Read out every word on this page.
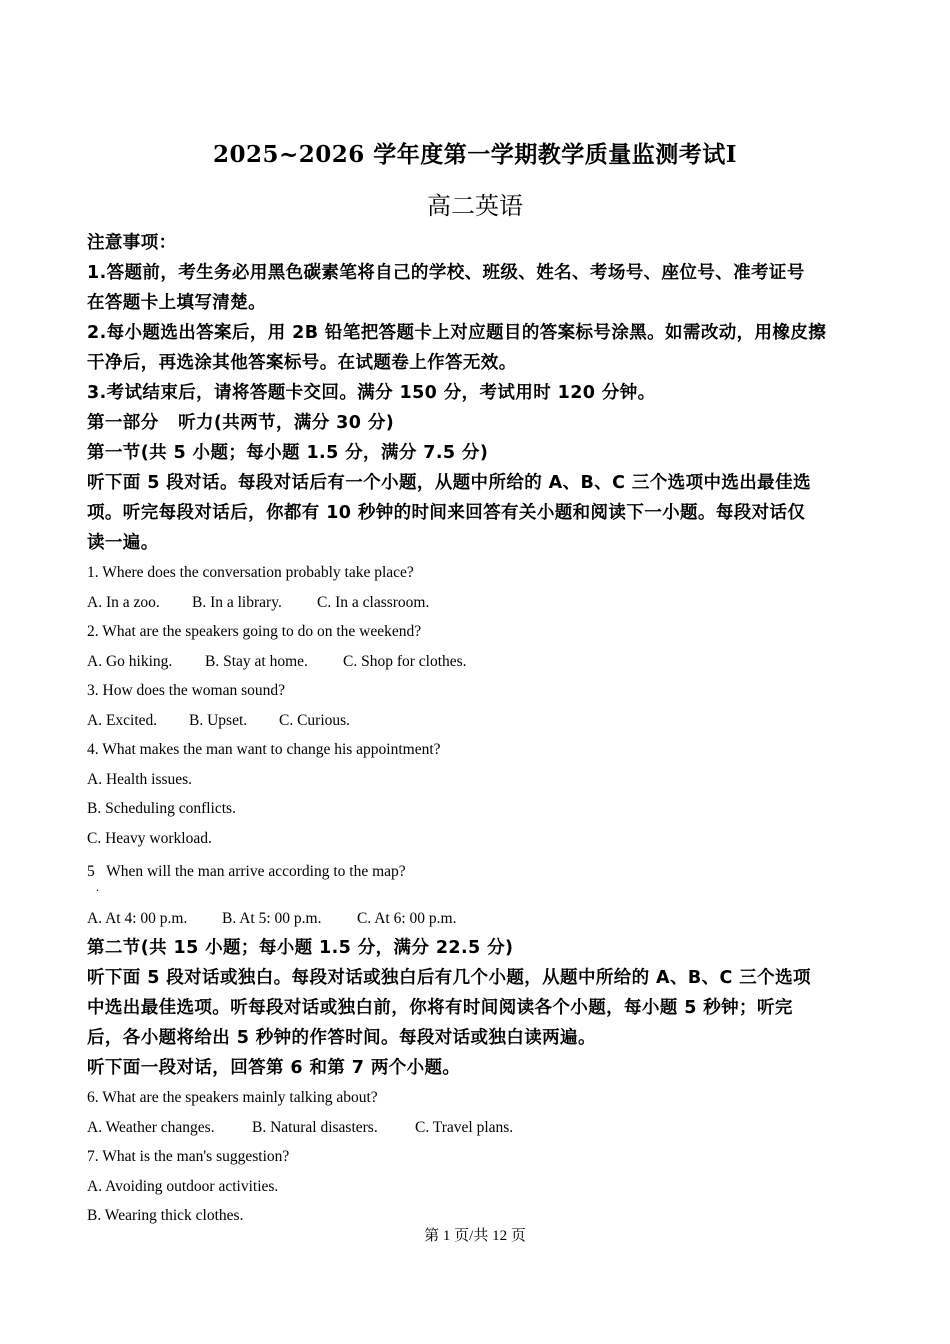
2025~2026 学年度第一学期教学质量监测考试I
高二英语
注意事项：
1.答题前，考生务必用黑色碳素笔将自己的学校、班级、姓名、考场号、座位号、准考证号
在答题卡上填写清楚。
2.每小题选出答案后，用 2B 铅笔把答题卡上对应题目的答案标号涂黑。如需改动，用橡皮擦
干净后，再选涂其他答案标号。在试题卷上作答无效。
3.考试结束后，请将答题卡交回。满分 150 分，考试用时 120 分钟。
第一部分   听力(共两节，满分 30 分)
第一节(共 5 小题；每小题 1.5 分，满分 7.5 分)
听下面 5 段对话。每段对话后有一个小题，从题中所给的 A、B、C 三个选项中选出最佳选
项。听完每段对话后，你都有 10 秒钟的时间来回答有关小题和阅读下一小题。每段对话仅
读一遍。
1. Where does the conversation probably take place?
A. In a zoo. B. In a library. C. In a classroom.
2. What are the speakers going to do on the weekend?
A. Go hiking. B. Stay at home. C. Shop for clothes.
3. How does the woman sound?
A. Excited. B. Upset. C. Curious.
4. What makes the man want to change his appointment?
A. Health issues.
B. Scheduling conflicts.
C. Heavy workload.
5   When will the man arrive according to the map?
·
A. At 4: 00 p.m. B. At 5: 00 p.m. C. At 6: 00 p.m.
第二节(共 15 小题；每小题 1.5 分，满分 22.5 分)
听下面 5 段对话或独白。每段对话或独白后有几个小题，从题中所给的 A、B、C 三个选项
中选出最佳选项。听每段对话或独白前，你将有时间阅读各个小题，每小题 5 秒钟；听完
后，各小题将给出 5 秒钟的作答时间。每段对话或独白读两遍。
听下面一段对话，回答第 6 和第 7 两个小题。
6. What are the speakers mainly talking about?
A. Weather changes. B. Natural disasters. C. Travel plans.
7. What is the man's suggestion?
A. Avoiding outdoor activities.
B. Wearing thick clothes.
第 1 页/共 12 页
